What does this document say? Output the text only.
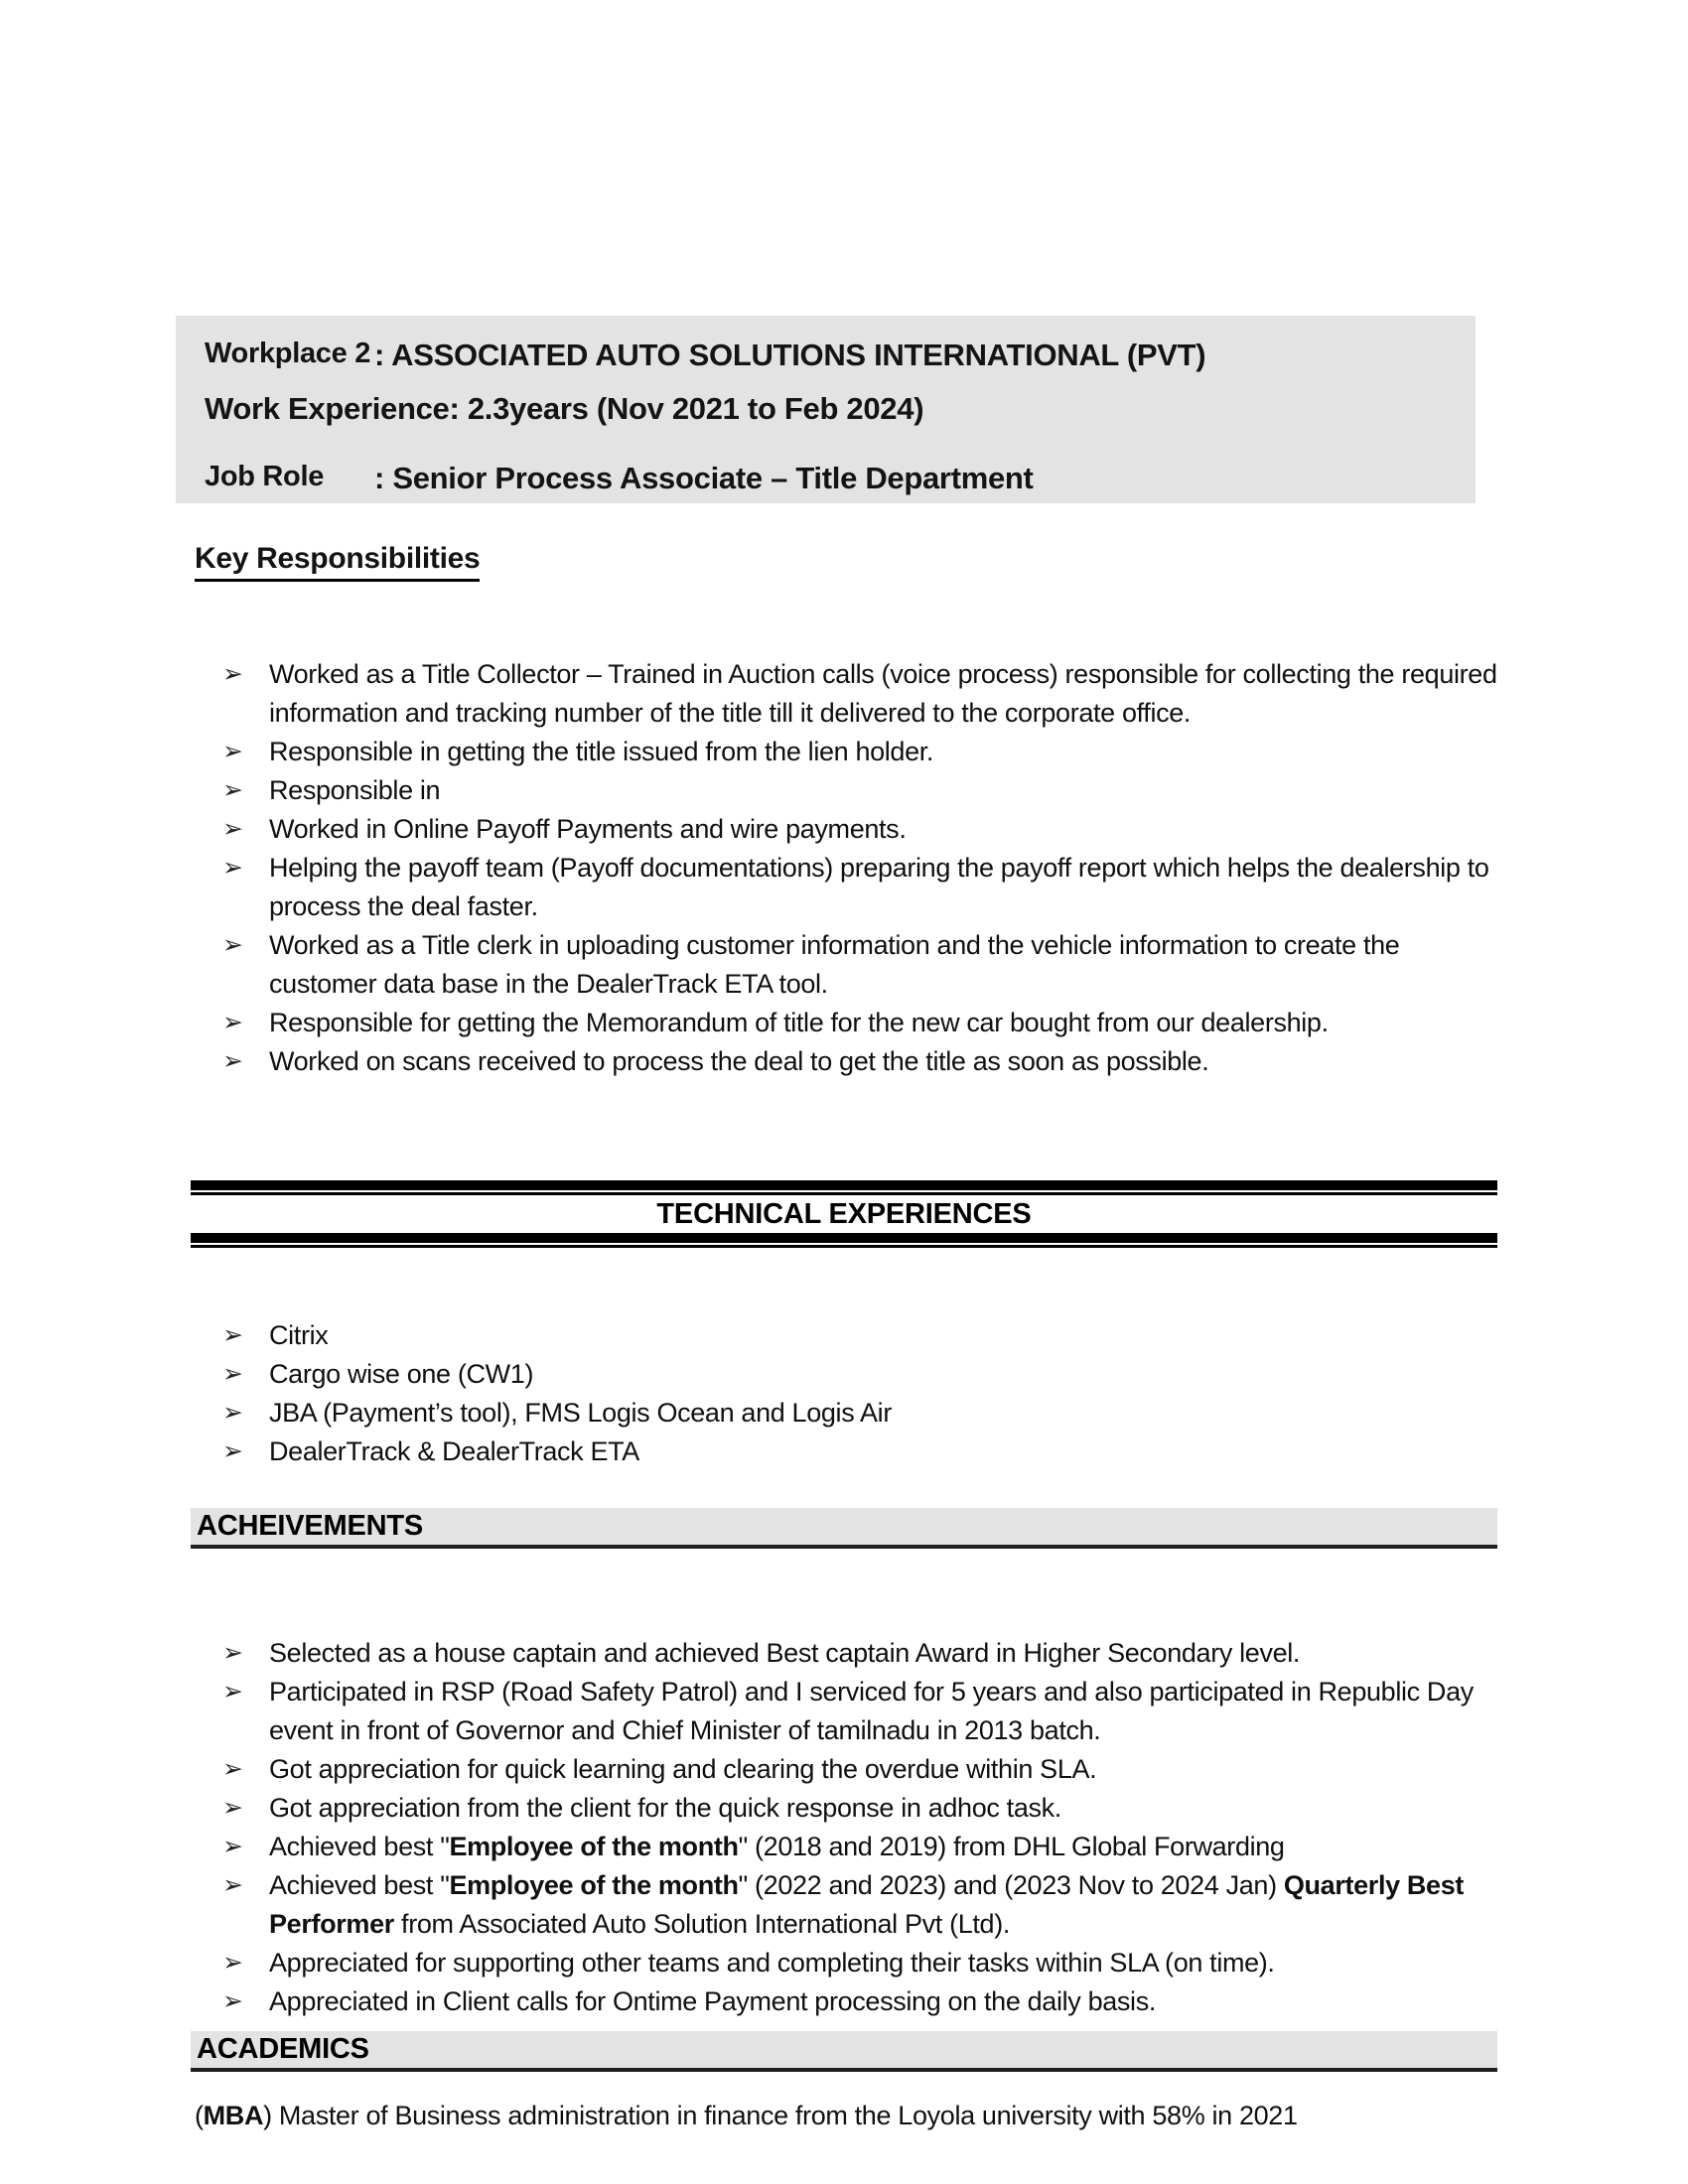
Workplace 2 : ASSOCIATED AUTO SOLUTIONS INTERNATIONAL (PVT)
Work Experience: 2.3years (Nov 2021 to Feb 2024)
Job Role : Senior Process Associate – Title Department
Key Responsibilities
➢ Worked as a Title Collector – Trained in Auction calls (voice process) responsible for collecting the required information and tracking number of the title till it delivered to the corporate office.
➢ Responsible in getting the title issued from the lien holder.
➢ Responsible in
➢ Worked in Online Payoff Payments and wire payments.
➢ Helping the payoff team (Payoff documentations) preparing the payoff report which helps the dealership to process the deal faster.
➢ Worked as a Title clerk in uploading customer information and the vehicle information to create the customer data base in the DealerTrack ETA tool.
➢ Responsible for getting the Memorandum of title for the new car bought from our dealership.
➢ Worked on scans received to process the deal to get the title as soon as possible.
TECHNICAL EXPERIENCES
➢ Citrix
➢ Cargo wise one (CW1)
➢ JBA (Payment’s tool), FMS Logis Ocean and Logis Air
➢ DealerTrack & DealerTrack ETA
ACHEIVEMENTS
➢ Selected as a house captain and achieved Best captain Award in Higher Secondary level.
➢ Participated in RSP (Road Safety Patrol) and I serviced for 5 years and also participated in Republic Day event in front of Governor and Chief Minister of tamilnadu in 2013 batch.
➢ Got appreciation for quick learning and clearing the overdue within SLA.
➢ Got appreciation from the client for the quick response in adhoc task.
➢ Achieved best "Employee of the month" (2018 and 2019) from DHL Global Forwarding
➢ Achieved best "Employee of the month" (2022 and 2023) and (2023 Nov to 2024 Jan) Quarterly Best Performer from Associated Auto Solution International Pvt (Ltd).
➢ Appreciated for supporting other teams and completing their tasks within SLA (on time).
➢ Appreciated in Client calls for Ontime Payment processing on the daily basis.
ACADEMICS
(MBA) Master of Business administration in finance from the Loyola university with 58% in 2021
